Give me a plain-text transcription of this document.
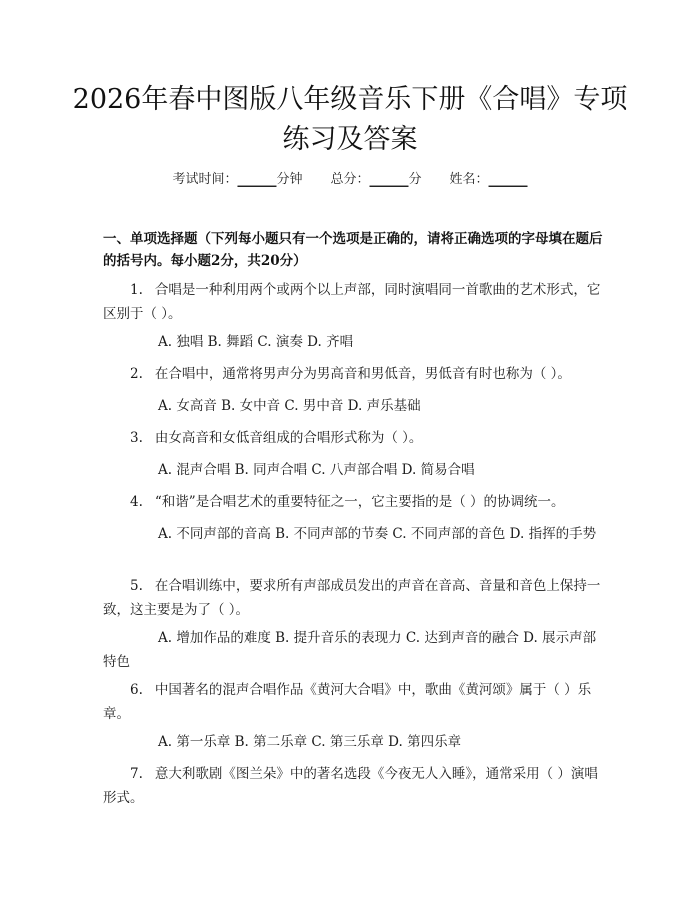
2026年春中图版八年级音乐下册《合唱》专项练习及答案
考试时间：______分钟 总分：______分 姓名：______
一、单项选择题（下列每小题只有一个选项是正确的，请将正确选项的字母填在题后的括号内。每小题2分，共20分）
1. 合唱是一种利用两个或两个以上声部，同时演唱同一首歌曲的艺术形式，它区别于（ ）。
A. 独唱 B. 舞蹈 C. 演奏 D. 齐唱
2. 在合唱中，通常将男声分为男高音和男低音，男低音有时也称为（ ）。
A. 女高音 B. 女中音 C. 男中音 D. 声乐基础
3. 由女高音和女低音组成的合唱形式称为（ ）。
A. 混声合唱 B. 同声合唱 C. 八声部合唱 D. 简易合唱
4. “和谐”是合唱艺术的重要特征之一，它主要指的是（ ）的协调统一。
A. 不同声部的音高 B. 不同声部的节奏 C. 不同声部的音色 D. 指挥的手势
5. 在合唱训练中，要求所有声部成员发出的声音在音高、音量和音色上保持一致，这主要是为了（ ）。
A. 增加作品的难度 B. 提升音乐的表现力 C. 达到声音的融合 D. 展示声部特色
6. 中国著名的混声合唱作品《黄河大合唱》中，歌曲《黄河颂》属于（ ）乐章。
A. 第一乐章 B. 第二乐章 C. 第三乐章 D. 第四乐章
7. 意大利歌剧《图兰朵》中的著名选段《今夜无人入睡》，通常采用（ ）演唱形式。
